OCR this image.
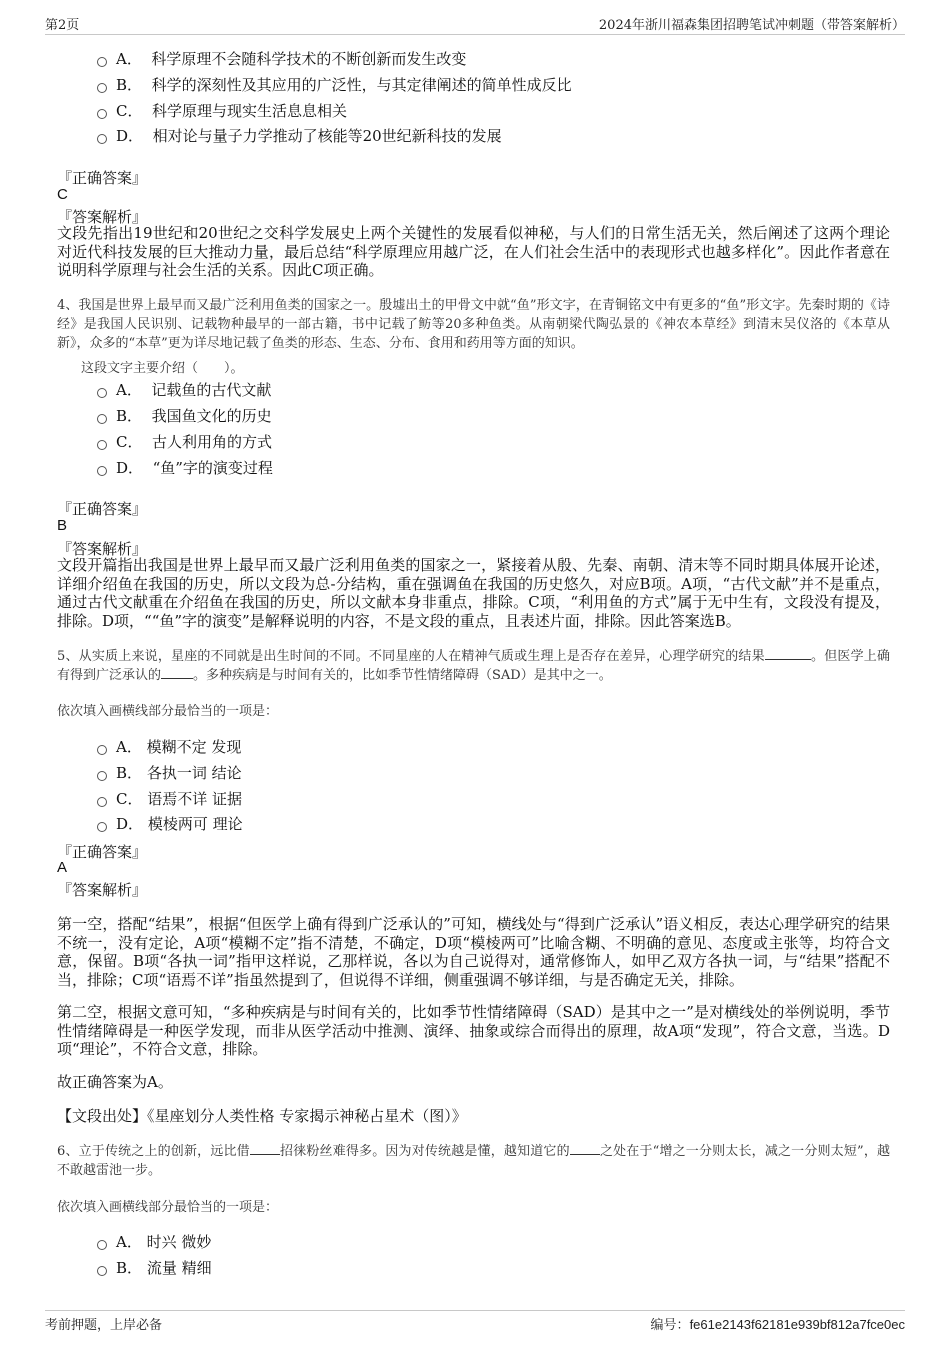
第2页	2024年浙川福森集团招聘笔试冲刺题（带答案解析）
A． 科学原理不会随科学技术的不断创新而发生改变
B． 科学的深刻性及其应用的广泛性，与其定律阐述的简单性成反比
C． 科学原理与现实生活息息相关
D． 相对论与量子力学推动了核能等20世纪新科技的发展
『正确答案』
C
『答案解析』
文段先指出19世纪和20世纪之交科学发展史上两个关键性的发展看似神秘，与人们的日常生活无关，然后阐述了这两个理论对近代科技发展的巨大推动力量，最后总结“科学原理应用越广泛，在人们社会生活中的表现形式也越多样化”。因此作者意在说明科学原理与社会生活的关系。因此C项正确。
4、我国是世界上最早而又最广泛利用鱼类的国家之一。殷墟出土的甲骨文中就“鱼”形文字，在青铜铭文中有更多的“鱼”形文字。先秦时期的《诗经》是我国人民识别、记载物种最早的一部古籍，书中记载了鲂等20多种鱼类。从南朝梁代陶弘景的《神农本草经》到清末吴仪洛的《本草从新》，众多的“本草”更为详尽地记载了鱼类的形态、生态、分布、食用和药用等方面的知识。
这段文字主要介绍（　　）。
A． 记载鱼的古代文献
B． 我国鱼文化的历史
C． 古人利用角的方式
D． “鱼”字的演变过程
『正确答案』
B
『答案解析』
文段开篇指出我国是世界上最早而又最广泛利用鱼类的国家之一，紧接着从殷、先秦、南朝、清末等不同时期具体展开论述，详细介绍鱼在我国的历史，所以文段为总-分结构，重在强调鱼在我国的历史悠久，对应B项。A项，“古代文献”并不是重点，通过古代文献重在介绍鱼在我国的历史，所以文献本身非重点，排除。C项，“利用鱼的方式”属于无中生有，文段没有提及，排除。D项，““鱼”字的演变”是解释说明的内容，不是文段的重点，且表述片面，排除。因此答案选B。
5、从实质上来说，星座的不同就是出生时间的不同。不同星座的人在精神气质或生理上是否存在差异，心理学研究的结果	。但医学上确有得到广泛承认的 。多种疾病是与时间有关的，比如季节性情绪障碍（SAD）是其中之一。
依次填入画横线部分最恰当的一项是：
A． 模糊不定 发现
B． 各执一词 结论
C． 语焉不详 证据
D． 模棱两可 理论
『正确答案』
A
『答案解析』
第一空，搭配“结果”，根据“但医学上确有得到广泛承认的”可知，横线处与“得到广泛承认”语义相反，表达心理学研究的结果不统一，没有定论，A项“模糊不定”指不清楚，不确定，D项“模棱两可”比喻含糊、不明确的意见、态度或主张等，均符合文意，保留。B项“各执一词”指甲这样说，乙那样说，各以为自己说得对，通常修饰人，如甲乙双方各执一词，与“结果”搭配不当，排除；C项“语焉不详”指虽然提到了，但说得不详细，侧重强调不够详细，与是否确定无关，排除。
第二空，根据文意可知，“多种疾病是与时间有关的，比如季节性情绪障碍（SAD）是其中之一”是对横线处的举例说明，季节性情绪障碍是一种医学发现，而非从医学活动中推测、演绎、抽象或综合而得出的原理，故A项“发现”，符合文意，当选。D项“理论”，不符合文意，排除。
故正确答案为A。
【文段出处】《星座划分人类性格 专家揭示神秘占星术（图）》
6、立于传统之上的创新，远比借 招徕粉丝难得多。因为对传统越是懂，越知道它的 之处在于“增之一分则太长，减之一分则太短”，越不敢越雷池一步。
依次填入画横线部分最恰当的一项是：
A． 时兴 微妙
B． 流量 精细
考前押题，上岸必备	编号：fe61e2143f62181e939bf812a7fce0ec
